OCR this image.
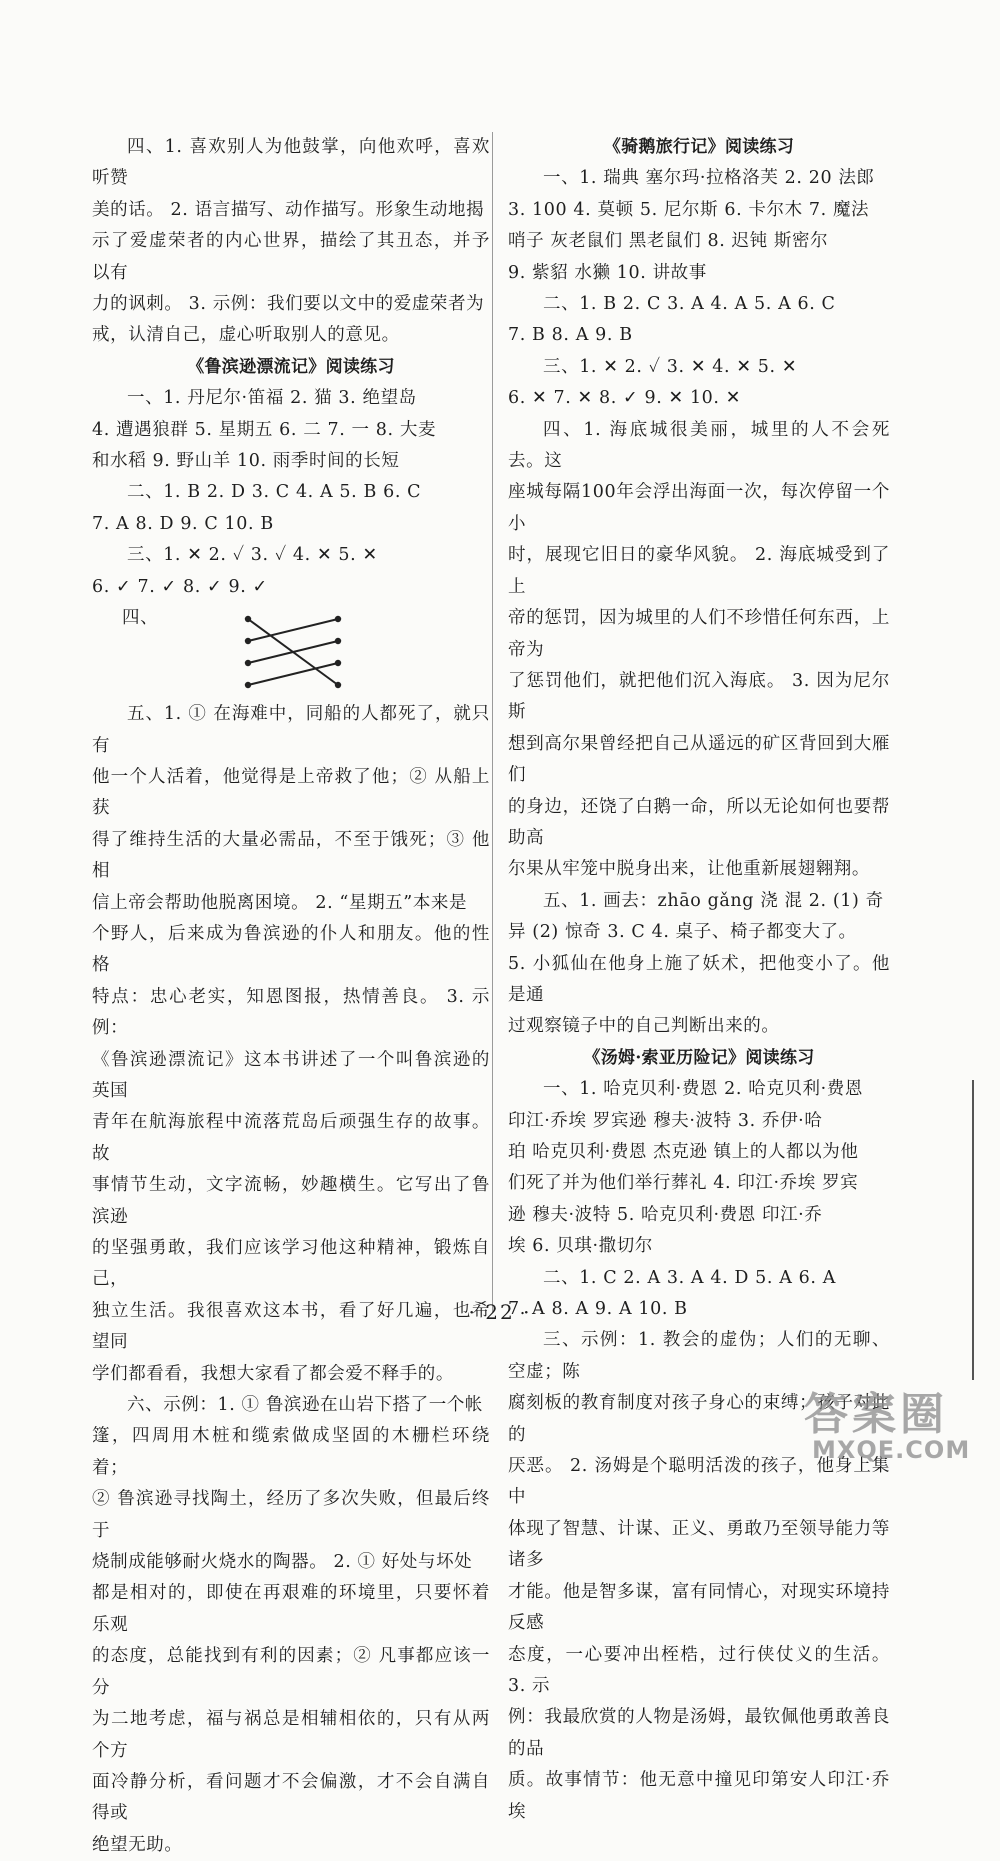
四、1. 喜欢别人为他鼓掌，向他欢呼，喜欢听赞

美的话。 2. 语言描写、动作描写。形象生动地揭

示了爱虚荣者的内心世界，描绘了其丑态，并予以有

力的讽刺。 3. 示例：我们要以文中的爱虚荣者为

戒，认清自己，虚心听取别人的意见。

《鲁滨逊漂流记》阅读练习

一、1. 丹尼尔·笛福 2. 猫 3. 绝望岛

4. 遭遇狼群 5. 星期五 6. 二 7. 一 8. 大麦

和水稻 9. 野山羊 10. 雨季时间的长短

二、1. B 2. D 3. C 4. A 5. B 6. C

7. A 8. D 9. C 10. B

三、1. ✕ 2. ✓ 3. ✓ 4. ✕ 5. ✕

6. ✓ 7. ✓ 8. ✓ 9. ✓

四、

五、1. ① 在海难中，同船的人都死了，就只有

他一个人活着，他觉得是上帝救了他；② 从船上获

得了维持生活的大量必需品，不至于饿死；③ 他相

信上帝会帮助他脱离困境。 2. “星期五”本来是

个野人，后来成为鲁滨逊的仆人和朋友。他的性格

特点：忠心老实，知恩图报，热情善良。 3. 示例：

《鲁滨逊漂流记》这本书讲述了一个叫鲁滨逊的英国

青年在航海旅程中流落荒岛后顽强生存的故事。故

事情节生动，文字流畅，妙趣横生。它写出了鲁滨逊

的坚强勇敢，我们应该学习他这种精神，锻炼自己，

独立生活。我很喜欢这本书，看了好几遍，也希望同

学们都看看，我想大家看了都会爱不释手的。

六、示例：1. ① 鲁滨逊在山岩下搭了一个帐

篷，四周用木桩和缆索做成坚固的木栅栏环绕着；

② 鲁滨逊寻找陶土，经历了多次失败，但最后终于

烧制成能够耐火烧水的陶器。 2. ① 好处与坏处

都是相对的，即使在再艰难的环境里，只要怀着乐观

的态度，总能找到有利的因素；② 凡事都应该一分

为二地考虑，福与祸总是相辅相依的，只有从两个方

面冷静分析，看问题才不会偏激，才不会自满自得或

绝望无助。

《骑鹅旅行记》阅读练习

一、1. 瑞典 塞尔玛·拉格洛芙 2. 20 法郎

3. 100 4. 莫顿 5. 尼尔斯 6. 卡尔木 7. 魔法

哨子 灰老鼠们 黑老鼠们 8. 迟钝 斯密尔

9. 紫貂 水獭 10. 讲故事

二、1. B 2. C 3. A 4. A 5. A 6. C

7. B 8. A 9. B

三、1. ✕ 2. ✓ 3. ✕ 4. ✕ 5. ✕

6. ✕ 7. ✕ 8. ✓ 9. ✕ 10. ✕

四、1. 海底城很美丽，城里的人不会死去。这

座城每隔100年会浮出海面一次，每次停留一个小

时，展现它旧日的豪华风貌。 2. 海底城受到了上

帝的惩罚，因为城里的人们不珍惜任何东西，上帝为

了惩罚他们，就把他们沉入海底。 3. 因为尼尔斯

想到高尔果曾经把自己从遥远的矿区背回到大雁们

的身边，还饶了白鹅一命，所以无论如何也要帮助高

尔果从牢笼中脱身出来，让他重新展翅翱翔。

五、1. 画去：zhāo gǎng 浇 混 2. (1) 奇

异 (2) 惊奇 3. C 4. 桌子、椅子都变大了。

5. 小狐仙在他身上施了妖术，把他变小了。他是通

过观察镜子中的自己判断出来的。

《汤姆·索亚历险记》阅读练习

一、1. 哈克贝利·费恩 2. 哈克贝利·费恩

印江·乔埃 罗宾逊 穆夫·波特 3. 乔伊·哈

珀 哈克贝利·费恩 杰克逊 镇上的人都以为他

们死了并为他们举行葬礼 4. 印江·乔埃 罗宾

逊 穆夫·波特 5. 哈克贝利·费恩 印江·乔

埃 6. 贝琪·撒切尔

二、1. C 2. A 3. A 4. D 5. A 6. A

7. A 8. A 9. A 10. B

三、示例：1. 教会的虚伪；人们的无聊、空虚；陈

腐刻板的教育制度对孩子身心的束缚；孩子对此的

厌恶。 2. 汤姆是个聪明活泼的孩子，他身上集中

体现了智慧、计谋、正义、勇敢乃至领导能力等诸多

才能。他是智多谋，富有同情心，对现实环境持反感

态度，一心要冲出桎梏，过行侠仗义的生活。 3. 示

例：我最欣赏的人物是汤姆，最钦佩他勇敢善良的品

质。故事情节：他无意中撞见印第安人印江·乔埃

· 22 ·
答案圈
MXQE.COM
